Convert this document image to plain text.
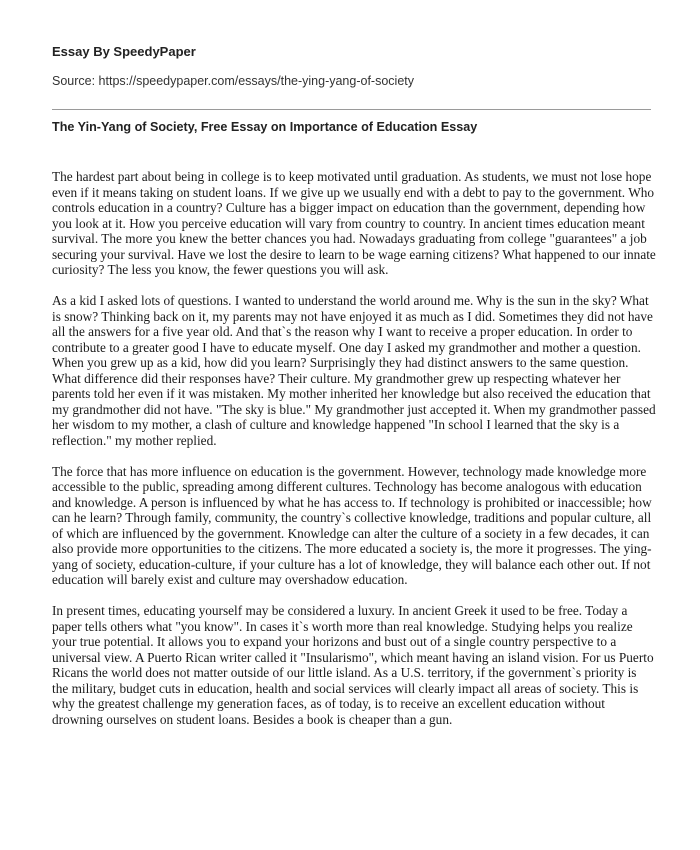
Essay By SpeedyPaper
Source: https://speedypaper.com/essays/the-ying-yang-of-society
The Yin-Yang of Society, Free Essay on Importance of Education Essay

The hardest part about being in college is to keep motivated until graduation. As students, we must not lose hope even if it means taking on student loans. If we give up we usually end with a debt to pay to the government. Who controls education in a country? Culture has a bigger impact on education than the government, depending how you look at it. How you perceive education will vary from country to country. In ancient times education meant survival. The more you knew the better chances you had. Nowadays graduating from college "guarantees" a job securing your survival. Have we lost the desire to learn to be wage earning citizens? What happened to our innate curiosity? The less you know, the fewer questions you will ask.

As a kid I asked lots of questions. I wanted to understand the world around me. Why is the sun in the sky? What is snow? Thinking back on it, my parents may not have enjoyed it as much as I did. Sometimes they did not have all the answers for a five year old. And that`s the reason why I want to receive a proper education. In order to contribute to a greater good I have to educate myself. One day I asked my grandmother and mother a question. When you grew up as a kid, how did you learn? Surprisingly they had distinct answers to the same question. What difference did their responses have? Their culture. My grandmother grew up respecting whatever her parents told her even if it was mistaken. My mother inherited her knowledge but also received the education that my grandmother did not have. "The sky is blue." My grandmother just accepted it. When my grandmother passed her wisdom to my mother, a clash of culture and knowledge happened "In school I learned that the sky is a reflection." my mother replied.

The force that has more influence on education is the government. However, technology made knowledge more accessible to the public, spreading among different cultures. Technology has become analogous with education and knowledge. A person is influenced by what he has access to. If technology is prohibited or inaccessible; how can he learn? Through family, community, the country`s collective knowledge, traditions and popular culture, all of which are influenced by the government. Knowledge can alter the culture of a society in a few decades, it can also provide more opportunities to the citizens. The more educated a society is, the more it progresses. The ying-yang of society, education-culture, if your culture has a lot of knowledge, they will balance each other out. If not education will barely exist and culture may overshadow education.

In present times, educating yourself may be considered a luxury. In ancient Greek it used to be free. Today a paper tells others what "you know". In cases it`s worth more than real knowledge. Studying helps you realize your true potential. It allows you to expand your horizons and bust out of a single country perspective to a universal view. A Puerto Rican writer called it "Insularismo", which meant having an island vision. For us Puerto Ricans the world does not matter outside of our little island. As a U.S. territory, if the government`s priority is the military, budget cuts in education, health and social services will clearly impact all areas of society. This is why the greatest challenge my generation faces, as of today, is to receive an excellent education without drowning ourselves on student loans. Besides a book is cheaper than a gun.
